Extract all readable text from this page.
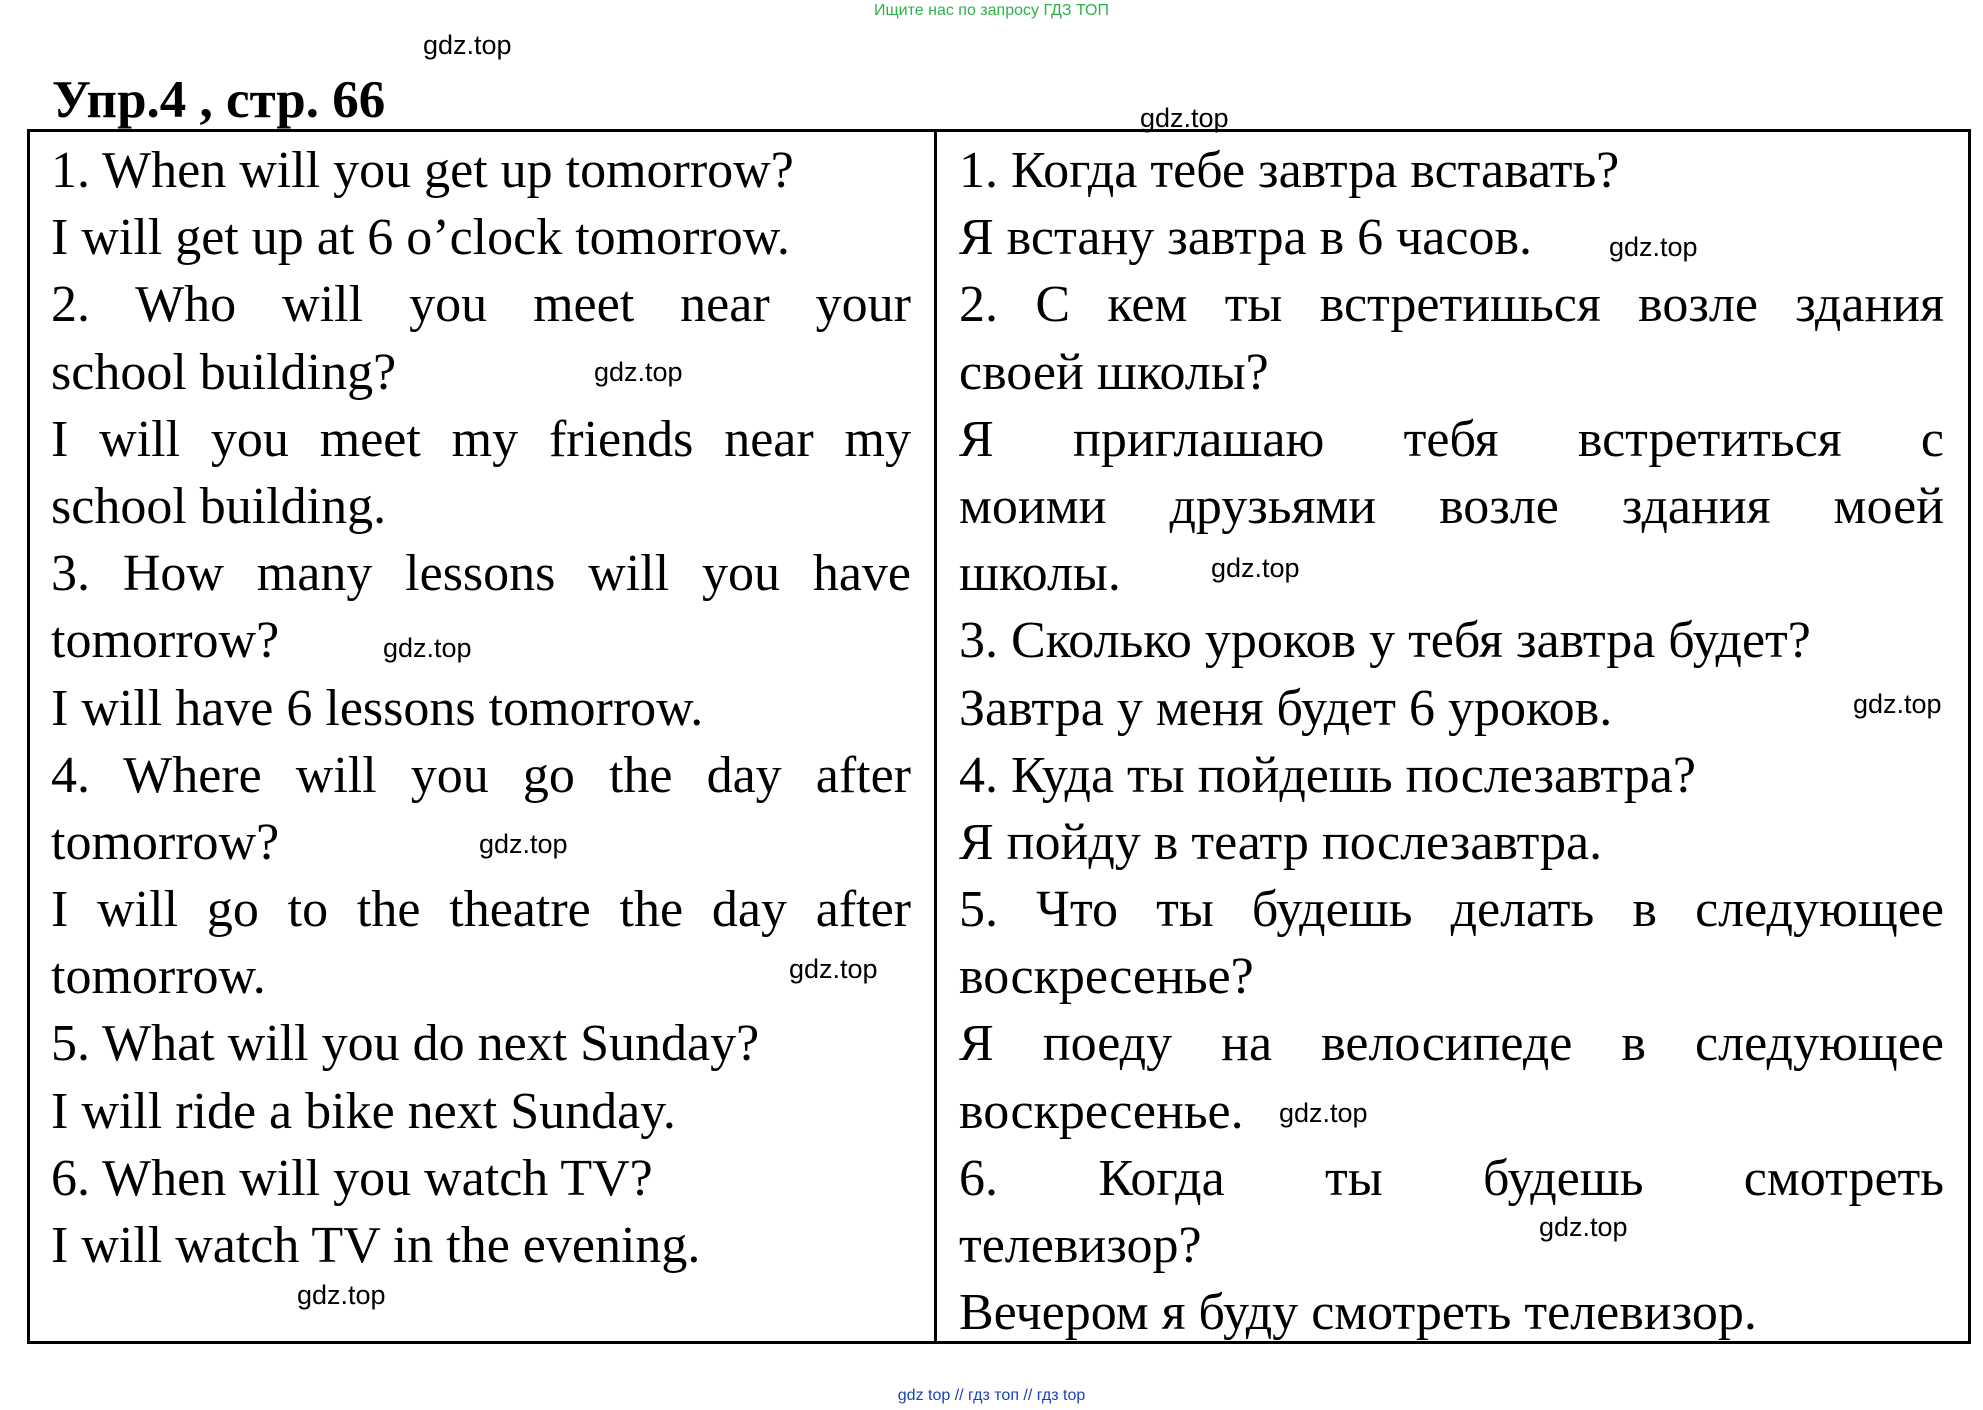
Ищите нас по запросу ГДЗ ТОП
gdz.top
gdz.top
gdz.top
gdz.top
gdz.top
gdz.top
gdz.top
gdz.top
gdz.top
gdz.top
gdz.top
gdz.top
Упр.4 , стр. 66
1. When will you get up tomorrow?
I will get up at 6 o’clock tomorrow.
2. Who will you meet near your
school building?
I will you meet my friends near my
school building.
3. How many lessons will you have
tomorrow?
I will have 6 lessons tomorrow.
4. Where will you go the day after
tomorrow?
I will go to the theatre the day after
tomorrow.
5. What will you do next Sunday?
I will ride a bike next Sunday.
6. When will you watch TV?
I will watch TV in the evening.
1. Когда тебе завтра вставать?
Я встану завтра в 6 часов.
2. С кем ты встретишься возле здания
своей школы?
Я приглашаю тебя встретиться с
моими друзьями возле здания моей
школы.
3. Сколько уроков у тебя завтра будет?
Завтра у меня будет 6 уроков.
4. Куда ты пойдешь послезавтра?
Я пойду в театр послезавтра.
5. Что ты будешь делать в следующее
воскресенье?
Я поеду на велосипеде в следующее
воскресенье.
6. Когда ты будешь смотреть
телевизор?
Вечером я буду смотреть телевизор.
gdz top // гдз топ // гдз top
